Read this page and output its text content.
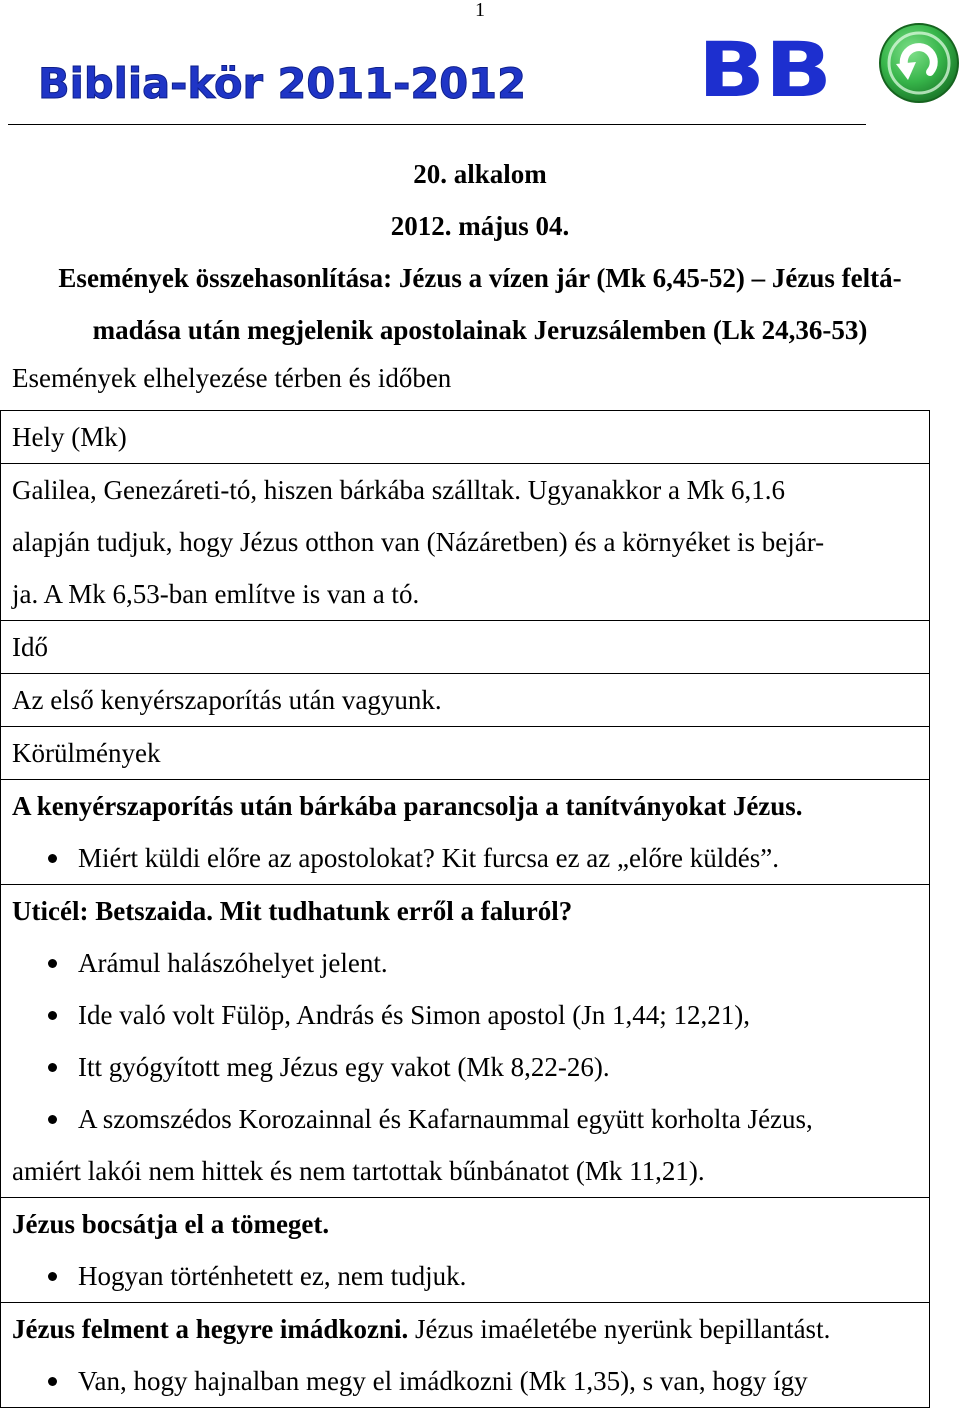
1
Biblia-kör 2011-2012 BB
20. alkalom
2012. május 04.
Események összehasonlítása: Jézus a vízen jár (Mk 6,45-52) – Jézus feltá-
madása után megjelenik apostolainak Jeruzsálemben (Lk 24,36-53)
Események elhelyezése térben és időben
Hely (Mk)

Galilea, Genezáreti-tó, hiszen bárkába szálltak. Ugyanakkor a Mk 6,1.6
alapján tudjuk, hogy Jézus otthon van (Názáretben) és a környéket is bejár-
ja. A Mk 6,53-ban említve is van a tó.

Idő
Az első kenyérszaporítás után vagyunk.
Körülmények

A kenyérszaporítás után bárkába parancsolja a tanítványokat Jézus.
Miért küldi előre az apostolokat? Kit furcsa ez az „előre küldés”.

Uticél: Betszaida. Mit tudhatunk erről a faluról?
Arámul halászóhelyet jelent.
Ide való volt Fülöp, András és Simon apostol (Jn 1,44; 12,21),
Itt gyógyított meg Jézus egy vakot (Mk 8,22-26).
A szomszédos Korozainnal és Kafarnaummal együtt korholta Jézus,
amiért lakói nem hittek és nem tartottak bűnbánatot (Mk 11,21).

Jézus bocsátja el a tömeget.
Hogyan történhetett ez, nem tudjuk.

Jézus felment a hegyre imádkozni. Jézus imaéletébe nyerünk bepillantást.
Van, hogy hajnalban megy el imádkozni (Mk 1,35), s van, hogy így
